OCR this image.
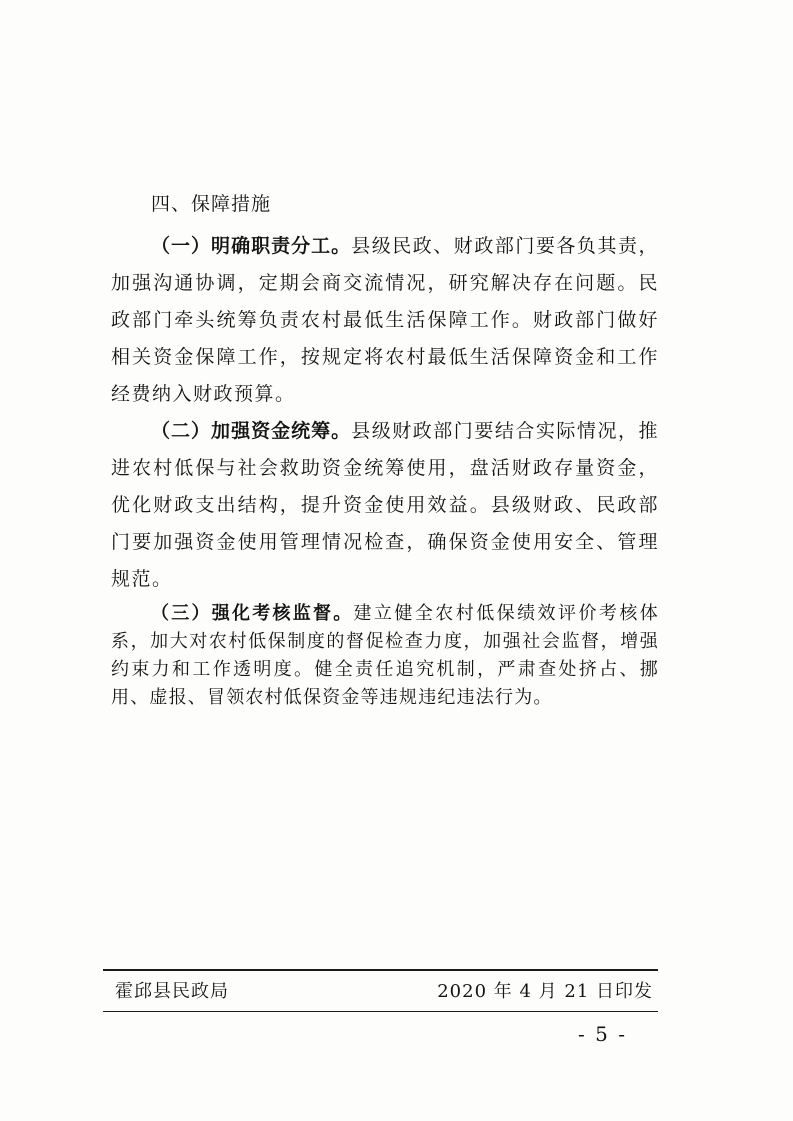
四、保障措施

（一）明确职责分工。县级民政、财政部门要各负其责，加强沟通协调，定期会商交流情况，研究解决存在问题。民政部门牵头统筹负责农村最低生活保障工作。财政部门做好相关资金保障工作，按规定将农村最低生活保障资金和工作经费纳入财政预算。

（二）加强资金统筹。县级财政部门要结合实际情况，推进农村低保与社会救助资金统筹使用，盘活财政存量资金，优化财政支出结构，提升资金使用效益。县级财政、民政部门要加强资金使用管理情况检查，确保资金使用安全、管理规范。

（三）强化考核监督。建立健全农村低保绩效评价考核体系，加大对农村低保制度的督促检查力度，加强社会监督，增强约束力和工作透明度。健全责任追究机制，严肃查处挤占、挪用、虚报、冒领农村低保资金等违规违纪违法行为。

霍邱县民政局	2020 年 4 月 21 日印发
- 5 -
